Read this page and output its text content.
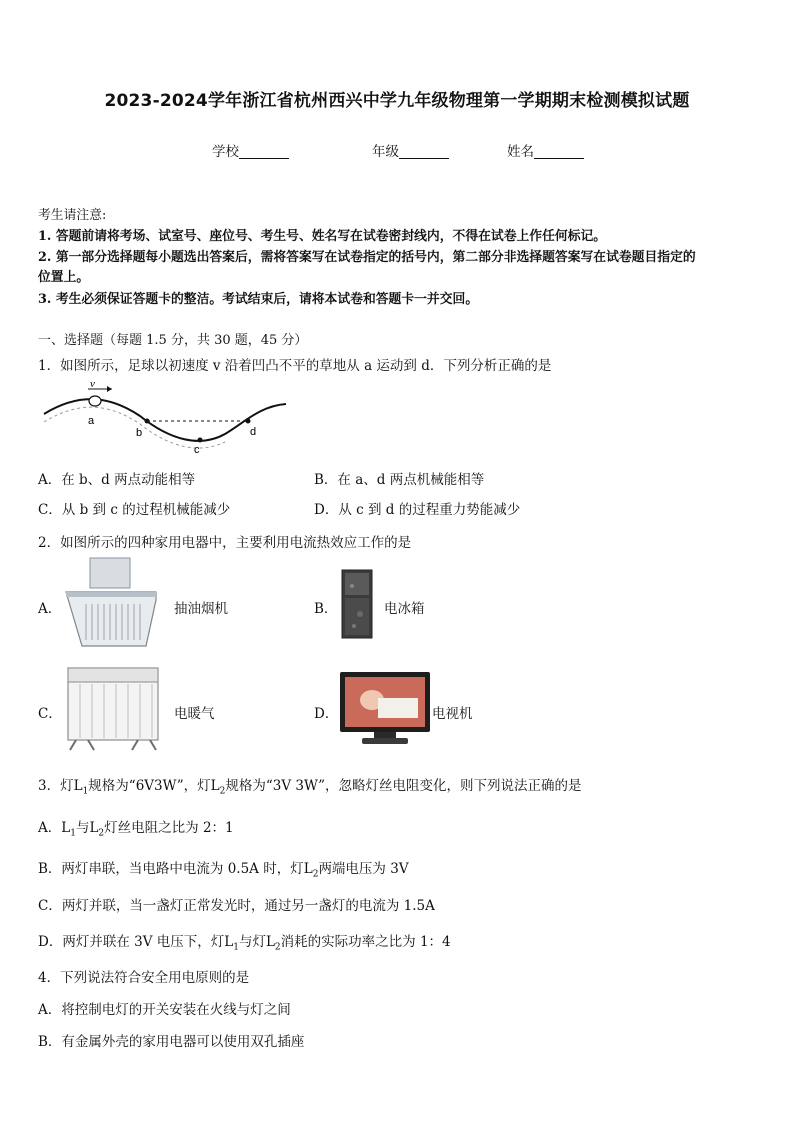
2023-2024学年浙江省杭州西兴中学九年级物理第一学期期末检测模拟试题
学校	年级	姓名
考生请注意:
1. 答题前请将考场、试室号、座位号、考生号、姓名写在试卷密封线内，不得在试卷上作任何标记。
2. 第一部分选择题每小题选出答案后，需将答案写在试卷指定的括号内，第二部分非选择题答案写在试卷题目指定的
位置上。
3. 考生必须保证答题卡的整洁。考试结束后，请将本试卷和答题卡一并交回。
一、选择题（每题 1.5 分，共 30 题，45 分）
1．如图所示，足球以初速度 v 沿着凹凸不平的草地从 a 运动到 d．下列分析正确的是
v
a
b
c
d
A．在 b、d 两点动能相等	B．在 a、d 两点机械能相等
C．从 b 到 c 的过程机械能减少	D．从 c 到 d 的过程重力势能减少
2．如图所示的四种家用电器中，主要利用电流热效应工作的是
A．	抽油烟机	B．	电冰箱
C．	电暖气	D．	电视机
3．灯$L_1$规格为“6V3W”，灯$L_2$规格为“3V 3W”，忽略灯丝电阻变化，则下列说法正确的是
A．$L_1$与$L_2$灯丝电阻之比为 2：1
B．两灯串联，当电路中电流为 0.5A 时，灯$L_2$两端电压为 3V
C．两灯并联，当一盏灯正常发光时，通过另一盏灯的电流为 1.5A
D．两灯并联在 3V 电压下，灯$L_1$与灯$L_2$消耗的实际功率之比为 1：4
4．下列说法符合安全用电原则的是
A．将控制电灯的开关安装在火线与灯之间
B．有金属外壳的家用电器可以使用双孔插座
